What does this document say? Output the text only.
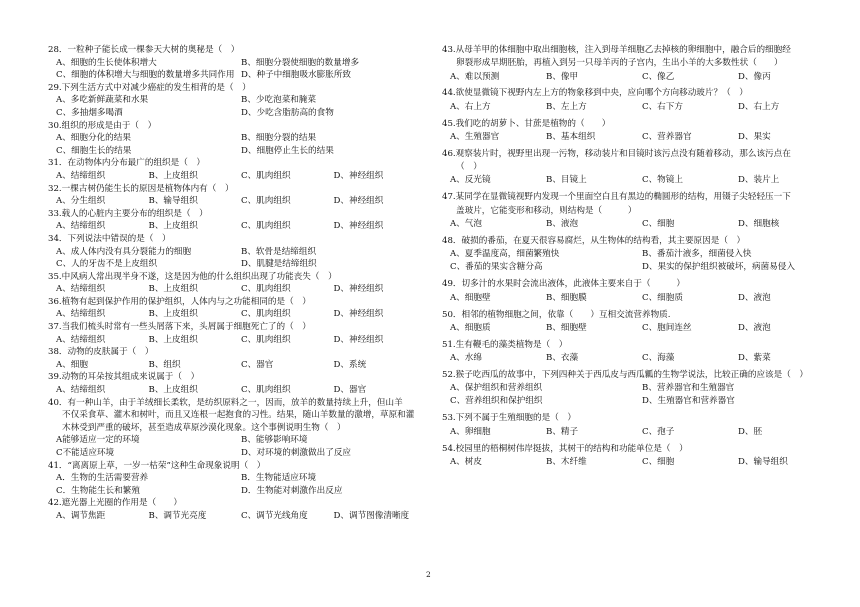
28．一粒种子能长成一棵参天大树的奥秘是（　）
A、细胞的生长使体积增大	B、细胞分裂使细胞的数量增多
C、细胞的体积增大与细胞的数量增多共同作用 D、种子中细胞吸水膨胀所致
29.下列生活方式中对减少癌症的发生相背的是（　）
A、多吃新鲜蔬菜和水果	B、少吃泡菜和腌菜
C、多抽烟多喝酒	D、少吃含脂肪高的食物
30.组织的形成是由于（　）
A、细胞分化的结果	B、细胞分裂的结果
C、细胞生长的结果	D、细胞停止生长的结果
31．在动物体内分布最广的组织是（　）
A、结缔组织	B、上皮组织	C、肌肉组织	D、神经组织
32.一棵古树仍能生长的原因是植物体内有（　）
A、分生组织	B、输导组织	C、肌肉组织	D、神经组织
33.载人的心脏内主要分布的组织是（　）
A、结缔组织	B、上皮组织	C、肌肉组织	D、神经组织
34．下列说法中错误的是（　）
A、成人体内没有具分裂能力的细胞	B、软骨是结缔组织
C、人的牙齿不是上皮组织	D、肌腱是结缔组织
35.中风病人常出现半身不遂，这是因为他的什么组织出现了功能丧失（　）
A、结缔组织	B、上皮组织	C、肌肉组织	D、神经组织
36.植物有起到保护作用的保护组织，人体内与之功能相同的是（　）
A、结缔组织	B、上皮组织	C、肌肉组织	D、神经组织
37.当我们梳头时常有一些头屑落下来，头屑属于细胞死亡了的（　）
A、结缔组织	B、上皮组织	C、肌肉组织	D、神经组织
38．动物的皮肤属于（　）
A、细胞	B、组织	C、器官	D、系统
39.动物的耳朵按其组成来说属于（　）
A、结缔组织	B、上皮组织	C、肌肉组织	D、器官
40．有一种山羊，由于羊绒细长柔软，是纺织原料之一，因而，放羊的数量持续上升，但山羊
不仅采食草、灌木和树叶，而且又连根一起抱食的习性。结果，随山羊数量的激增，草原和灌
木林受到严重的破坏，甚至造成草原沙漠化现象。这个事例说明生物（　）
A能够适应一定的环境	B、能够影响环境
C不能适应环境	D、对环境的刺激做出了反应
41．“离离原上草，一岁一枯荣”这种生命现象说明（　）
A．生物的生活需要营养	B．生物能适应环境
C．生物能生长和繁殖	D．生物能对刺激作出反应
42.遮光器上光圈的作用是（　　）
A、调节焦距	B、调节光亮度	C、调节光线角度	D、调节图像清晰度
43.从母羊甲的体细胞中取出细胞核，注入到母羊细胞乙去掉核的卵细胞中，融合后的细胞经
卵裂形成早期胚胎，再植入到另一只母羊丙的子宫内，生出小羊的大多数性状（　　）
A、难以预测	B、像甲	C、像乙	D、像丙
44.欲使显微镜下视野内左上方的物象移到中央，应向哪个方向移动玻片？（　）
A、右上方	B、左上方	C、右下方	D、右上方
45.我们吃的胡萝卜、甘蔗是植物的（　　）
A、生殖器官	B、基本组织	C、营养器官	D、果实
46.观察装片时，视野里出现一污物，移动装片和目镜时该污点没有随着移动，那么该污点在
（　）
A、反光镜	B、目镜上	C、物镜上	D、装片上
47.某同学在显微镜视野内发现一个里面空白且有黑边的椭圆形的结构，用镊子尖轻轻压一下
盖玻片，它能变形和移动，则结构是（　　　）
A、气泡	B、液泡	C、细胞	D、细胞核
48．破损的番茄，在夏天很容易腐烂，从生物体的结构看，其主要原因是（　）
A、夏季温度高，细菌繁殖快	B、番茄汁液多，细菌侵入快
C、番茄的果实含糖分高	D、果实的保护组织被破坏，病菌易侵入
49．切多汁的水果时会流出液体，此液体主要来自于（　　　）
A、细胞壁	B、细胞膜	C、细胞质	D、液泡
50．相邻的植物细胞之间，依靠（　　）互相交流营养物质.
A、细胞质	B、细胞壁	C、胞间连丝	D、液泡
51.生有鞭毛的藻类植物是（　）
A、水绵	B、衣藻	C、海藻	D、紫菜
52.猴子吃西瓜的故事中，下列四种关于西瓜皮与西瓜瓤的生物学说法，比较正确的应该是（　）
A、保护组织和营养组织	B、营养器官和生殖器官
C、营养组织和保护组织	D、生殖器官和营养器官
53.下列不属于生殖细胞的是（　）
A、卵细胞	B、精子	C、孢子	D、胚
54.校园里的梧桐树伟岸挺拔，其树干的结构和功能单位是（　）
A、树皮	B、木纤维	C、细胞	D、输导组织
2
